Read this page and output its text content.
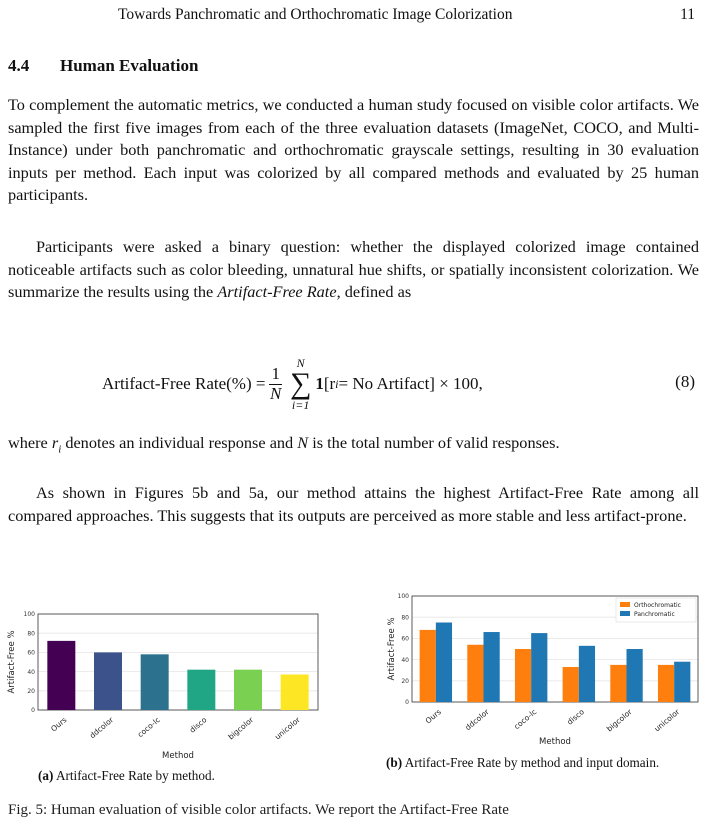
Towards Panchromatic and Orthochromatic Image Colorization	11
4.4 Human Evaluation

To complement the automatic metrics, we conducted a human study focused on visible color artifacts. We sampled the first five images from each of the three evaluation datasets (ImageNet, COCO, and Multi-Instance) under both panchromatic and orthochromatic grayscale settings, resulting in 30 evaluation inputs per method. Each input was colorized by all compared methods and evaluated by 25 human participants.

Participants were asked a binary question: whether the displayed colorized image contained noticeable artifacts such as color bleeding, unnatural hue shifts, or spatially inconsistent colorization. We summarize the results using the Artifact-Free Rate, defined as

Artifact-Free Rate(%) = $\frac{1}{N}$
N
∑
i=1
1 [r i = No Artifact] × 100,	(8)

where $r_i$ denotes an individual response and N is the total number of valid responses.

As shown in Figures 5b and 5a, our method attains the highest Artifact-Free Rate among all compared approaches. This suggests that its outputs are perceived as more stable and less artifact-prone.

0
20
40
60
80
100
Ours	ddcolor	coco-lc	disco bigcolor unicolor
Method
Artifact-Free %
0
20
40
60
80
100
Ours	ddcolor	coco-lc	disco	bigcolor	unicolor
Method
Artifact-Free %
Orthochromatic
Panchromatic
(a) Artifact-Free Rate by method.
(b) Artifact-Free Rate by method and input domain.
Fig. 5: Human evaluation of visible color artifacts. We report the Artifact-Free Rate
